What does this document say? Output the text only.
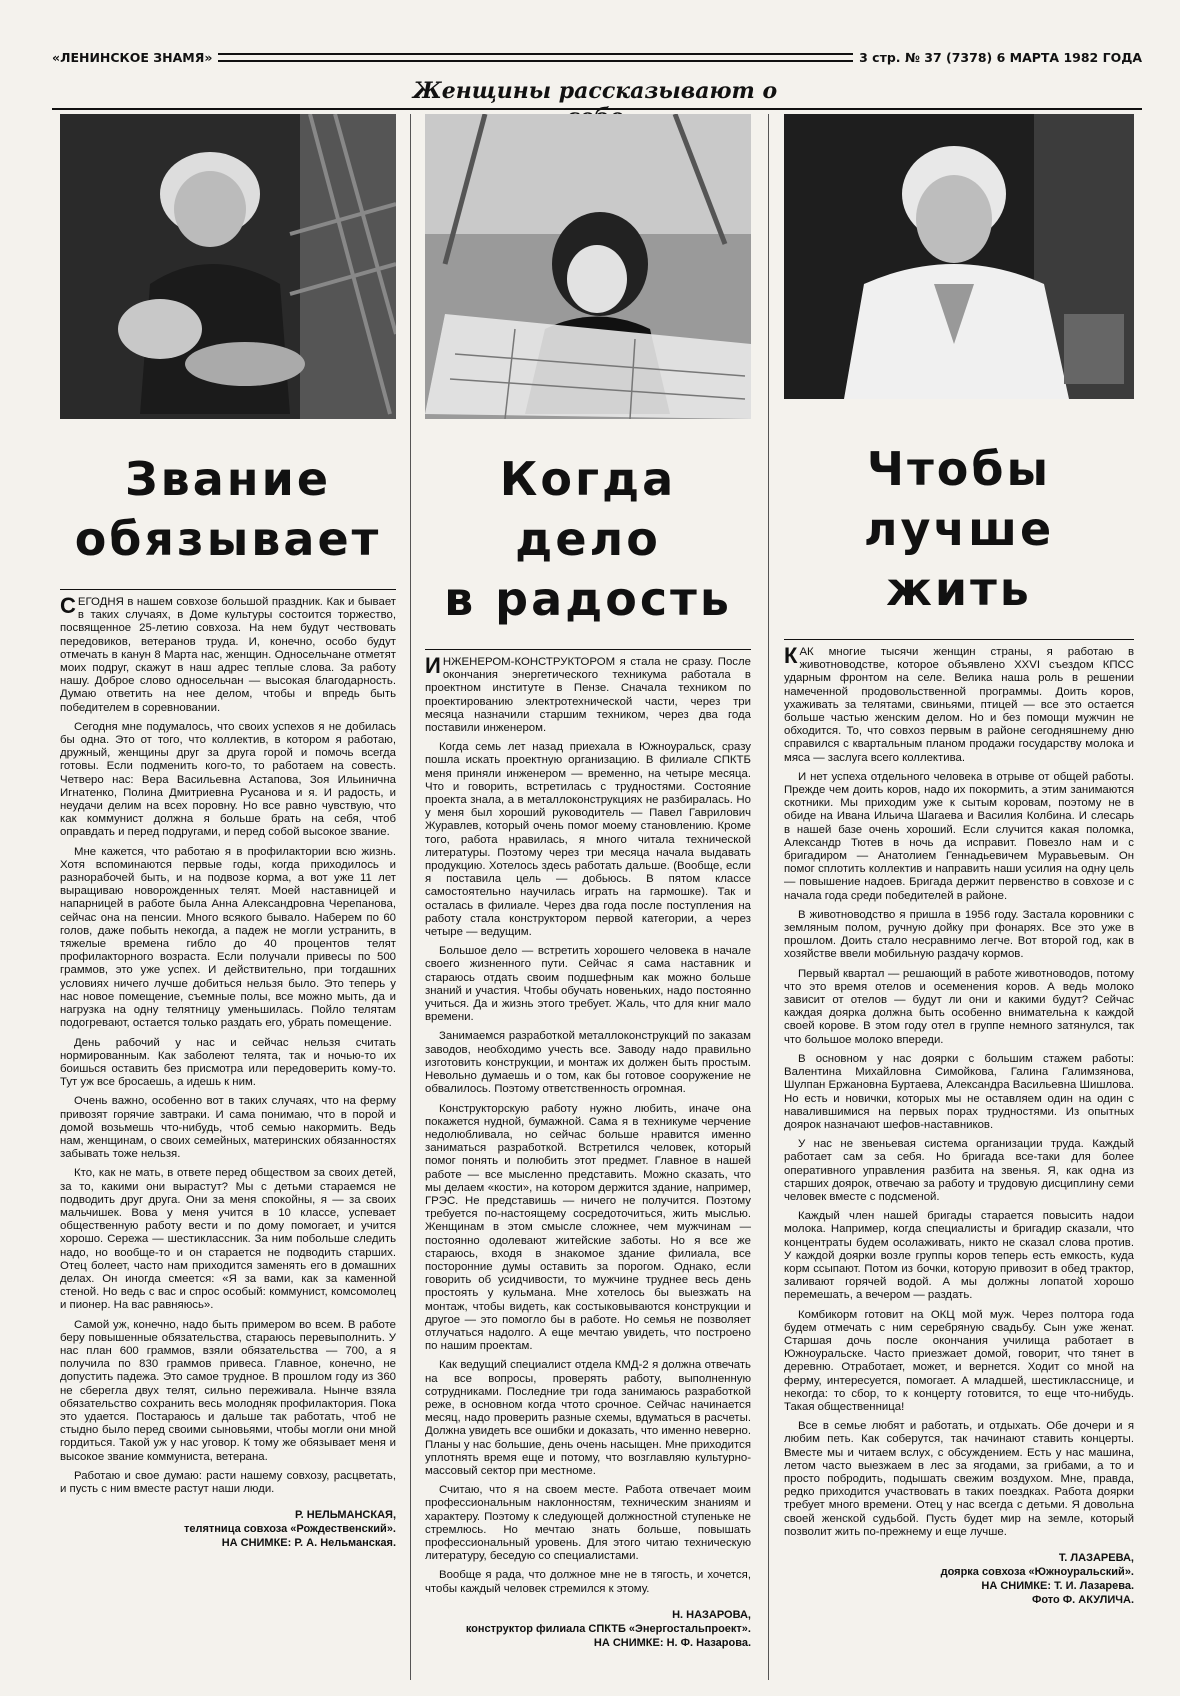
«ЛЕНИНСКОЕ ЗНАМЯ»	3 стр. № 37 (7378) 6 МАРТА 1982 ГОДА
Женщины рассказывают о
Звание
обязывает

СЕГОДНЯ в нашем совхозе большой праздник. Как и бывает в таких случаях, в Доме культуры состоится торжество, посвященное 25-летию совхоза. На нем будут чествовать передовиков, ветеранов труда. И, конечно, особо будут отмечать в канун 8 Марта нас, женщин. Односельчане отметят моих подруг, скажут в наш адрес теплые слова. За работу нашу. Доброе слово односельчан — высокая благодарность. Думаю ответить на нее делом, чтобы и впредь быть победителем в соревновании.

Сегодня мне подумалось, что своих успехов я не добилась бы одна. Это от того, что коллектив, в котором я работаю, дружный, женщины друг за друга горой и помочь всегда готовы. Если подменить кого-то, то работаем на совесть. Четверо нас: Вера Васильевна Астапова, Зоя Ильинична Игнатенко, Полина Дмитриевна Русанова и я. И радость, и неудачи делим на всех поровну. Но все равно чувствую, что как коммунист должна я больше брать на себя, чтоб оправдать и перед подругами, и перед собой высокое звание.

Мне кажется, что работаю я в профилактории всю жизнь. Хотя вспоминаются первые годы, когда приходилось и разнорабочей быть, и на подвозе корма, а вот уже 11 лет выращиваю новорожденных телят. Моей наставницей и напарницей в работе была Анна Александровна Черепанова, сейчас она на пенсии. Много всякого бывало. Наберем по 60 голов, даже побыть некогда, а падеж не могли устранить, в тяжелые времена гибло до 40 процентов телят профилакторного возраста. Если получали привесы по 500 граммов, это уже успех. И действительно, при тогдашних условиях ничего лучше добиться нельзя было. Это теперь у нас новое помещение, съемные полы, все можно мыть, да и нагрузка на одну телятницу уменьшилась. Пойло телятам подогревают, остается только раздать его, убрать помещение.

День рабочий у нас и сейчас нельзя считать нормированным. Как заболеют телята, так и ночью-то их боишься оставить без присмотра или передоверить кому-то. Тут уж все бросаешь, а идешь к ним.

Очень важно, особенно вот в таких случаях, что на ферму привозят горячие завтраки. И сама понимаю, что в порой и домой возьмешь что-нибудь, чтоб семью накормить. Ведь нам, женщинам, о своих семейных, материнских обязанностях забывать тоже нельзя.

Кто, как не мать, в ответе перед обществом за своих детей, за то, какими они вырастут? Мы с детьми стараемся не подводить друг друга. Они за меня спокойны, я — за своих мальчишек. Вова у меня учится в 10 классе, успевает общественную работу вести и по дому помогает, и учится хорошо. Сережа — шестиклассник. За ним побольше следить надо, но вообще-то и он старается не подводить старших. Отец болеет, часто нам приходится заменять его в домашних делах. Он иногда смеется: «Я за вами, как за каменной стеной. Но ведь с вас и спрос особый: коммунист, комсомолец и пионер. На вас равняюсь».

Самой уж, конечно, надо быть примером во всем. В работе беру повышенные обязательства, стараюсь перевыполнить. У нас план 600 граммов, взяли обязательства — 700, а я получила по 830 граммов привеса. Главное, конечно, не допустить падежа. Это самое трудное. В прошлом году из 360 не сберегла двух телят, сильно переживала. Нынче взяла обязательство сохранить весь молодняк профилактория. Пока это удается. Постараюсь и дальше так работать, чтоб не стыдно было перед своими сыновьями, чтобы могли они мной гордиться. Такой уж у нас уговор. К тому же обязывает меня и высокое звание коммуниста, ветерана.

Работаю и свое думаю: расти нашему совхозу, расцветать, и пусть с ним вместе растут наши люди.

Р. НЕЛЬМАНСКАЯ,
телятница совхоза «Рождественский».
НА СНИМКЕ: Р. А. Нельманская.
Когда дело
в радость

ИНЖЕНЕРОМ-КОНСТРУКТОРОМ я стала не сразу. После окончания энергетического техникума работала в проектном институте в Пензе. Сначала техником по проектированию электротехнической части, через три месяца назначили старшим техником, через два года поставили инженером.

Когда семь лет назад приехала в Южноуральск, сразу пошла искать проектную организацию. В филиале СПКТБ меня приняли инженером — временно, на четыре месяца. Что и говорить, встретилась с трудностями. Состояние проекта знала, а в металлоконструкциях не разбиралась. Но у меня был хороший руководитель — Павел Гаврилович Журавлев, который очень помог моему становлению. Кроме того, работа нравилась, я много читала технической литературы. Поэтому через три месяца начала выдавать продукцию. Хотелось здесь работать дальше. (Вообще, если я поставила цель — добьюсь. В пятом классе самостоятельно научилась играть на гармошке). Так и осталась в филиале. Через два года после поступления на работу стала конструктором первой категории, а через четыре — ведущим.

Большое дело — встретить хорошего человека в начале своего жизненного пути. Сейчас я сама наставник и стараюсь отдать своим подшефным как можно больше знаний и участия. Чтобы обучать новеньких, надо постоянно учиться. Да и жизнь этого требует. Жаль, что для книг мало времени.

Занимаемся разработкой металлоконструкций по заказам заводов, необходимо учесть все. Заводу надо правильно изготовить конструкции, и монтаж их должен быть простым. Невольно думаешь и о том, как бы готовое сооружение не обвалилось. Поэтому ответственность огромная.

Конструкторскую работу нужно любить, иначе она покажется нудной, бумажной. Сама я в техникуме черчение недолюбливала, но сейчас больше нравится именно заниматься разработкой. Встретился человек, который помог понять и полюбить этот предмет. Главное в нашей работе — все мысленно представить. Можно сказать, что мы делаем «кости», на котором держится здание, например, ГРЭС. Не представишь — ничего не получится. Поэтому требуется по-настоящему сосредоточиться, жить мыслью. Женщинам в этом смысле сложнее, чем мужчинам — постоянно одолевают житейские заботы. Но я все же стараюсь, входя в знакомое здание филиала, все посторонние думы оставить за порогом. Однако, если говорить об усидчивости, то мужчине труднее весь день простоять у кульмана. Мне хотелось бы выезжать на монтаж, чтобы видеть, как состыковываются конструкции и другое — это помогло бы в работе. Но семья не позволяет отлучаться надолго. А еще мечтаю увидеть, что построено по нашим проектам.

Как ведущий специалист отдела КМД-2 я должна отвечать на все вопросы, проверять работу, выполненную сотрудниками. Последние три года занимаюсь разработкой реже, в основном когда чтото срочное. Сейчас начинается месяц, надо проверить разные схемы, вдуматься в расчеты. Должна увидеть все ошибки и доказать, что именно неверно. Планы у нас большие, день очень насыщен. Мне приходится уплотнять время еще и потому, что возглавляю культурно-массовый сектор при местноме.

Считаю, что я на своем месте. Работа отвечает моим профессиональным наклонностям, техническим знаниям и характеру. Поэтому к следующей должностной ступеньке не стремлюсь. Но мечтаю знать больше, повышать профессиональный уровень. Для этого читаю техническую литературу, беседую со специалистами.

Вообще я рада, что должное мне не в тягость, и хочется, чтобы каждый человек стремился к этому.

Н. НАЗАРОВА,
конструктор филиала СПКТБ «Энергостальпроект».
НА СНИМКЕ: Н. Ф. Назарова.
Чтобы
лучше жить

КАК многие тысячи женщин страны, я работаю в животноводстве, которое объявлено XXVI съездом КПСС ударным фронтом на селе. Велика наша роль в решении намеченной продовольственной программы. Доить коров, ухаживать за телятами, свиньями, птицей — все это остается больше частью женским делом. Но и без помощи мужчин не обходится. То, что совхоз первым в районе сегодняшнему дню справился с квартальным планом продажи государству молока и мяса — заслуга всего коллектива.

И нет успеха отдельного человека в отрыве от общей работы. Прежде чем доить коров, надо их покормить, а этим занимаются скотники. Мы приходим уже к сытым коровам, поэтому не в обиде на Ивана Ильича Шагаева и Василия Колбина. И слесарь в нашей базе очень хороший. Если случится какая поломка, Александр Тютев в ночь да исправит. Повезло нам и с бригадиром — Анатолием Геннадьевичем Муравьевым. Он помог сплотить коллектив и направить наши усилия на одну цель — повышение надоев. Бригада держит первенство в совхозе и с начала года среди победителей в районе.

В животноводство я пришла в 1956 году. Застала коровники с земляным полом, ручную дойку при фонарях. Все это уже в прошлом. Доить стало несравнимо легче. Вот второй год, как в хозяйстве ввели мобильную раздачу кормов.

Первый квартал — решающий в работе животноводов, потому что это время отелов и осеменения коров. А ведь молоко зависит от отелов — будут ли они и какими будут? Сейчас каждая доярка должна быть особенно внимательна к каждой своей корове. В этом году отел в группе немного затянулся, так что большое молоко впереди.

В основном у нас доярки с большим стажем работы: Валентина Михайловна Симойкова, Галина Галимзянова, Шулпан Ержановна Буртаева, Александра Васильевна Шишлова. Но есть и новички, которых мы не оставляем один на один с навалившимися на первых порах трудностями. Из опытных доярок назначают шефов-наставников.

У нас не звеньевая система организации труда. Каждый работает сам за себя. Но бригада все-таки для более оперативного управления разбита на звенья. Я, как одна из старших доярок, отвечаю за работу и трудовую дисциплину семи человек вместе с подсменой.

Каждый член нашей бригады старается повысить надои молока. Например, когда специалисты и бригадир сказали, что концентраты будем осолаживать, никто не сказал слова против. У каждой доярки возле группы коров теперь есть емкость, куда корм ссыпают. Потом из бочки, которую привозит в обед трактор, заливают горячей водой. А мы должны лопатой хорошо перемешать, а вечером — раздать.

Комбикорм готовит на ОКЦ мой муж. Через полтора года будем отмечать с ним серебряную свадьбу. Сын уже женат. Старшая дочь после окончания училища работает в Южноуральске. Часто приезжает домой, говорит, что тянет в деревню. Отработает, может, и вернется. Ходит со мной на ферму, интересуется, помогает. А младшей, шестикласснице, и некогда: то сбор, то к концерту готовится, то еще что-нибудь. Такая общественница!

Все в семье любят и работать, и отдыхать. Обе дочери и я любим петь. Как соберутся, так начинают ставить концерты. Вместе мы и читаем вслух, с обсуждением. Есть у нас машина, летом часто выезжаем в лес за ягодами, за грибами, а то и просто побродить, подышать свежим воздухом. Мне, правда, редко приходится участвовать в таких поездках. Работа доярки требует много времени. Отец у нас всегда с детьми. Я довольна своей женской судьбой. Пусть будет мир на земле, который позволит жить по-прежнему и еще лучше.

Т. ЛАЗАРЕВА,
доярка совхоза «Южноуральский».
НА СНИМКЕ: Т. И. Лазарева.
Фото Ф. АКУЛИЧА.
